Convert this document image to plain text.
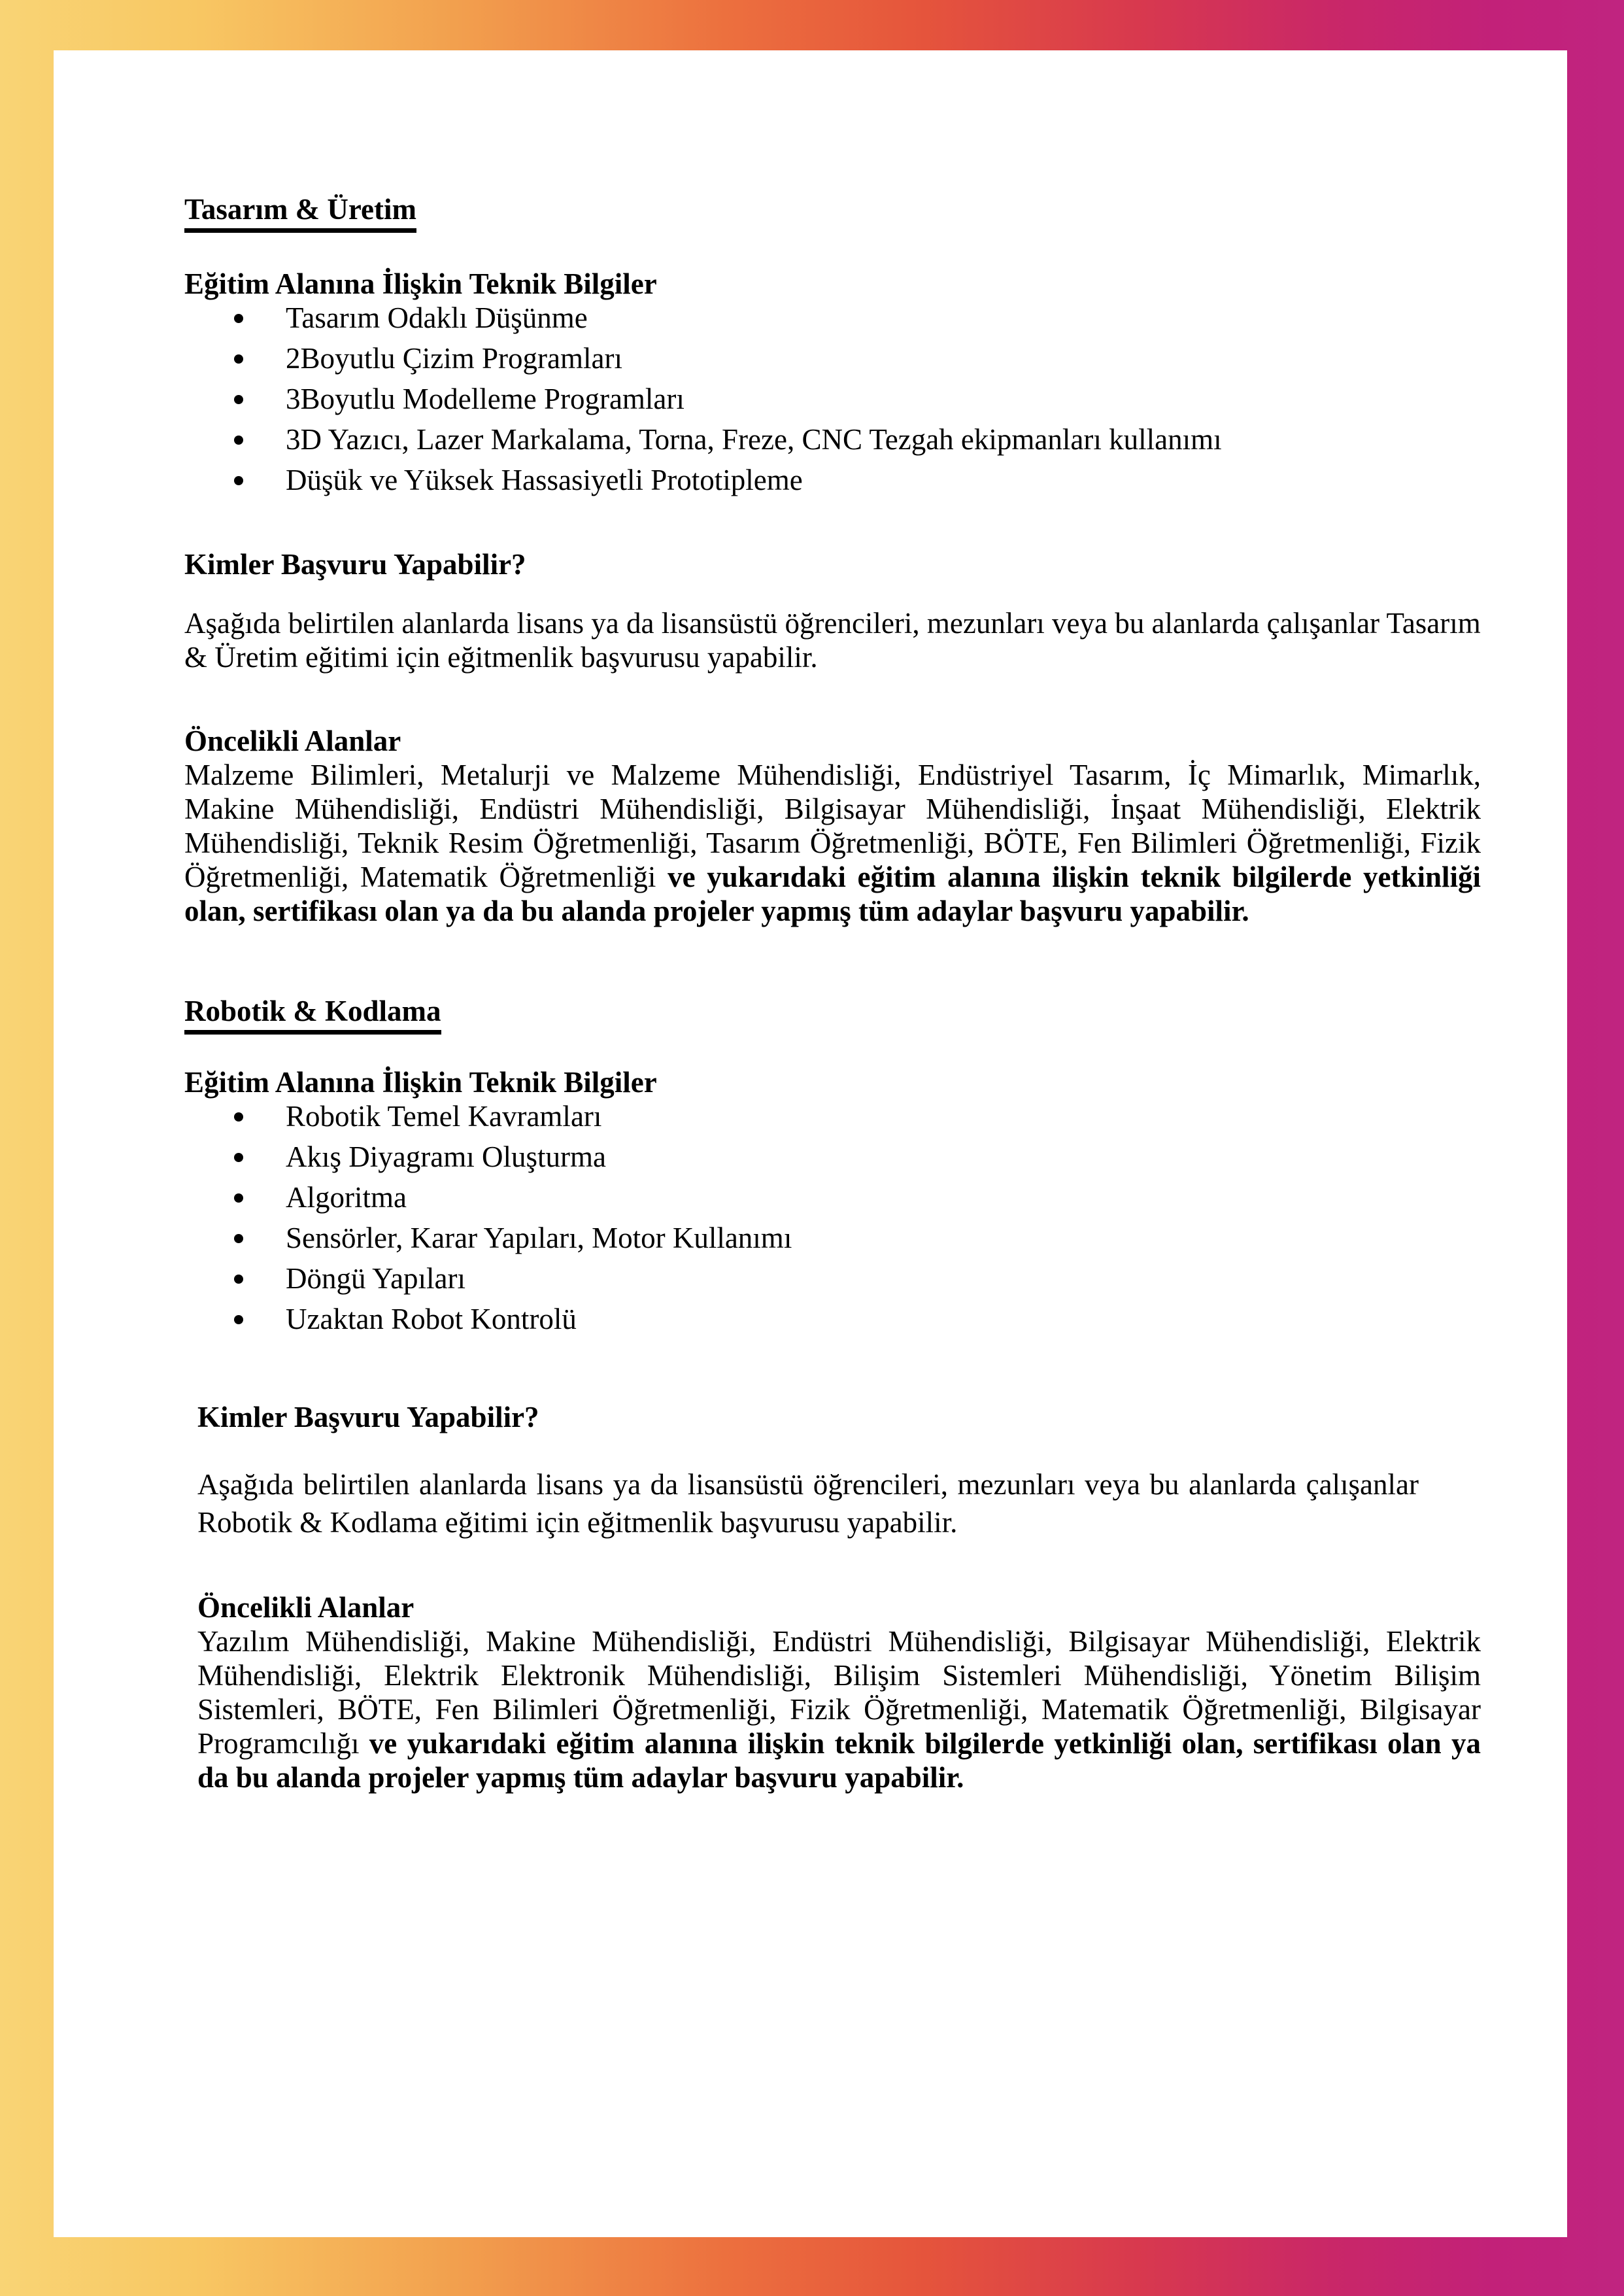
Tasarım & Üretim
Eğitim Alanına İlişkin Teknik Bilgiler
Tasarım Odaklı Düşünme
2Boyutlu Çizim Programları
3Boyutlu Modelleme Programları
3D Yazıcı, Lazer Markalama, Torna, Freze, CNC Tezgah ekipmanları kullanımı
Düşük ve Yüksek Hassasiyetli Prototipleme
Kimler Başvuru Yapabilir?

Aşağıda belirtilen alanlarda lisans ya da lisansüstü öğrencileri, mezunları veya bu alanlarda çalışanlar Tasarım & Üretim eğitimi için eğitmenlik başvurusu yapabilir.

Öncelikli Alanlar

Malzeme Bilimleri, Metalurji ve Malzeme Mühendisliği, Endüstriyel Tasarım, İç Mimarlık, Mimarlık, Makine Mühendisliği, Endüstri Mühendisliği, Bilgisayar Mühendisliği, İnşaat Mühendisliği, Elektrik Mühendisliği, Teknik Resim Öğretmenliği, Tasarım Öğretmenliği, BÖTE, Fen Bilimleri Öğretmenliği, Fizik Öğretmenliği, Matematik Öğretmenliği ve yukarıdaki eğitim alanına ilişkin teknik bilgilerde yetkinliği olan, sertifikası olan ya da bu alanda projeler yapmış tüm adaylar başvuru yapabilir.

Robotik & Kodlama
Eğitim Alanına İlişkin Teknik Bilgiler
Robotik Temel Kavramları
Akış Diyagramı Oluşturma
Algoritma
Sensörler, Karar Yapıları, Motor Kullanımı
Döngü Yapıları
Uzaktan Robot Kontrolü
Kimler Başvuru Yapabilir?

Aşağıda belirtilen alanlarda lisans ya da lisansüstü öğrencileri, mezunları veya bu alanlarda çalışanlar Robotik & Kodlama eğitimi için eğitmenlik başvurusu yapabilir.

Öncelikli Alanlar

Yazılım Mühendisliği, Makine Mühendisliği, Endüstri Mühendisliği, Bilgisayar Mühendisliği, Elektrik Mühendisliği, Elektrik Elektronik Mühendisliği, Bilişim Sistemleri Mühendisliği, Yönetim Bilişim Sistemleri, BÖTE, Fen Bilimleri Öğretmenliği, Fizik Öğretmenliği, Matematik Öğretmenliği, Bilgisayar Programcılığı ve yukarıdaki eğitim alanına ilişkin teknik bilgilerde yetkinliği olan, sertifikası olan ya da bu alanda projeler yapmış tüm adaylar başvuru yapabilir.
